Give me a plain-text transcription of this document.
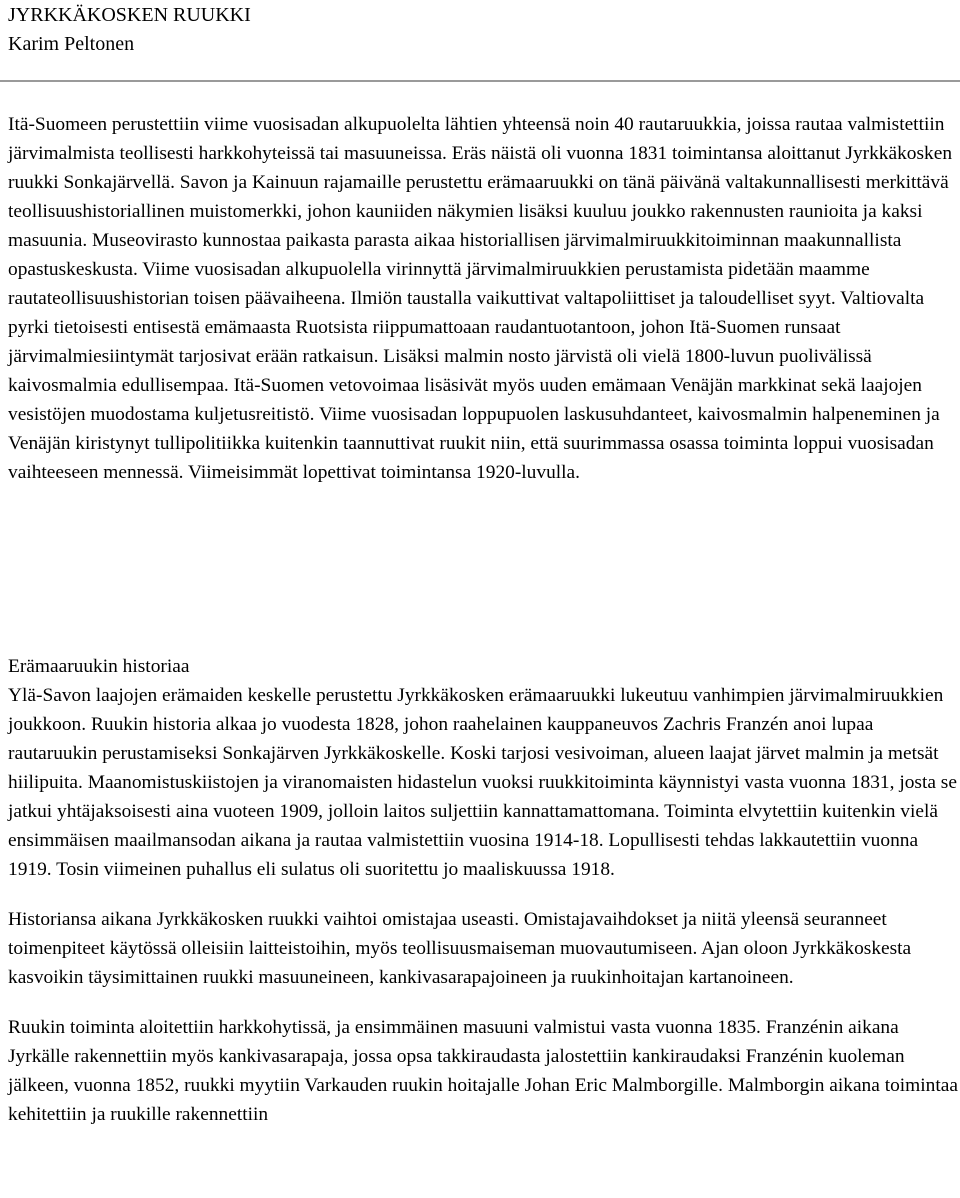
JYRKKÄKOSKEN RUUKKI
Karim Peltonen

Itä-Suomeen perustettiin viime vuosisadan alkupuolelta lähtien yhteensä noin 40 rautaruukkia, joissa rautaa valmistettiin järvimalmista teollisesti harkkohyteissä tai masuuneissa. Eräs näistä oli vuonna 1831 toimintansa aloittanut Jyrkkäkosken ruukki Sonkajärvellä. Savon ja Kainuun rajamaille perustettu erämaaruukki on tänä päivänä valtakunnallisesti merkittävä teollisuushistoriallinen muistomerkki, johon kauniiden näkymien lisäksi kuuluu joukko rakennusten raunioita ja kaksi masuunia. Museovirasto kunnostaa paikasta parasta aikaa historiallisen järvimalmiruukkitoiminnan maakunnallista opastuskeskusta. Viime vuosisadan alkupuolella virinnyttä järvimalmiruukkien perustamista pidetään maamme rautateollisuushistorian toisen päävaiheena. Ilmiön taustalla vaikuttivat valtapoliittiset ja taloudelliset syyt. Valtiovalta pyrki tietoisesti entisestä emämaasta Ruotsista riippumattoaan raudantuotantoon, johon Itä-Suomen runsaat järvimalmiesiintymät tarjosivat erään ratkaisun. Lisäksi malmin nosto järvistä oli vielä 1800-luvun puolivälissä kaivosmalmia edullisempaa. Itä-Suomen vetovoimaa lisäsivät myös uuden emämaan Venäjän markkinat sekä laajojen vesistöjen muodostama kuljetusreitistö. Viime vuosisadan loppupuolen laskusuhdanteet, kaivosmalmin halpeneminen ja Venäjän kiristynyt tullipolitiikka kuitenkin taannuttivat ruukit niin, että suurimmassa osassa toiminta loppui vuosisadan vaihteeseen mennessä. Viimeisimmät lopettivat toimintansa 1920-luvulla.

Erämaaruukin historiaa

Ylä-Savon laajojen erämaiden keskelle perustettu Jyrkkäkosken erämaaruukki lukeutuu vanhimpien järvimalmiruukkien joukkoon. Ruukin historia alkaa jo vuodesta 1828, johon raahelainen kauppaneuvos Zachris Franzén anoi lupaa rautaruukin perustamiseksi Sonkajärven Jyrkkäkoskelle. Koski tarjosi vesivoiman, alueen laajat järvet malmin ja metsät hiilipuita. Maanomistuskiistojen ja viranomaisten hidastelun vuoksi ruukkitoiminta käynnistyi vasta vuonna 1831, josta se jatkui yhtäjaksoisesti aina vuoteen 1909, jolloin laitos suljettiin kannattamattomana. Toiminta elvytettiin kuitenkin vielä ensimmäisen maailmansodan aikana ja rautaa valmistettiin vuosina 1914-18. Lopullisesti tehdas lakkautettiin vuonna 1919. Tosin viimeinen puhallus eli sulatus oli suoritettu jo maaliskuussa 1918.

Historiansa aikana Jyrkkäkosken ruukki vaihtoi omistajaa useasti. Omistajavaihdokset ja niitä yleensä seuranneet toimenpiteet käytössä olleisiin laitteistoihin, myös teollisuusmaiseman muovautumiseen. Ajan oloon Jyrkkäkoskesta kasvoikin täysimittainen ruukki masuuneineen, kankivasarapajoineen ja ruukinhoitajan kartanoineen.

Ruukin toiminta aloitettiin harkkohytissä, ja ensimmäinen masuuni valmistui vasta vuonna 1835. Franzénin aikana Jyrkälle rakennettiin myös kankivasarapaja, jossa opsa takkiraudasta jalostettiin kankiraudaksi Franzénin kuoleman jälkeen, vuonna 1852, ruukki myytiin Varkauden ruukin hoitajalle Johan Eric Malmborgille. Malmborgin aikana toimintaa kehitettiin ja ruukille rakennettiin
